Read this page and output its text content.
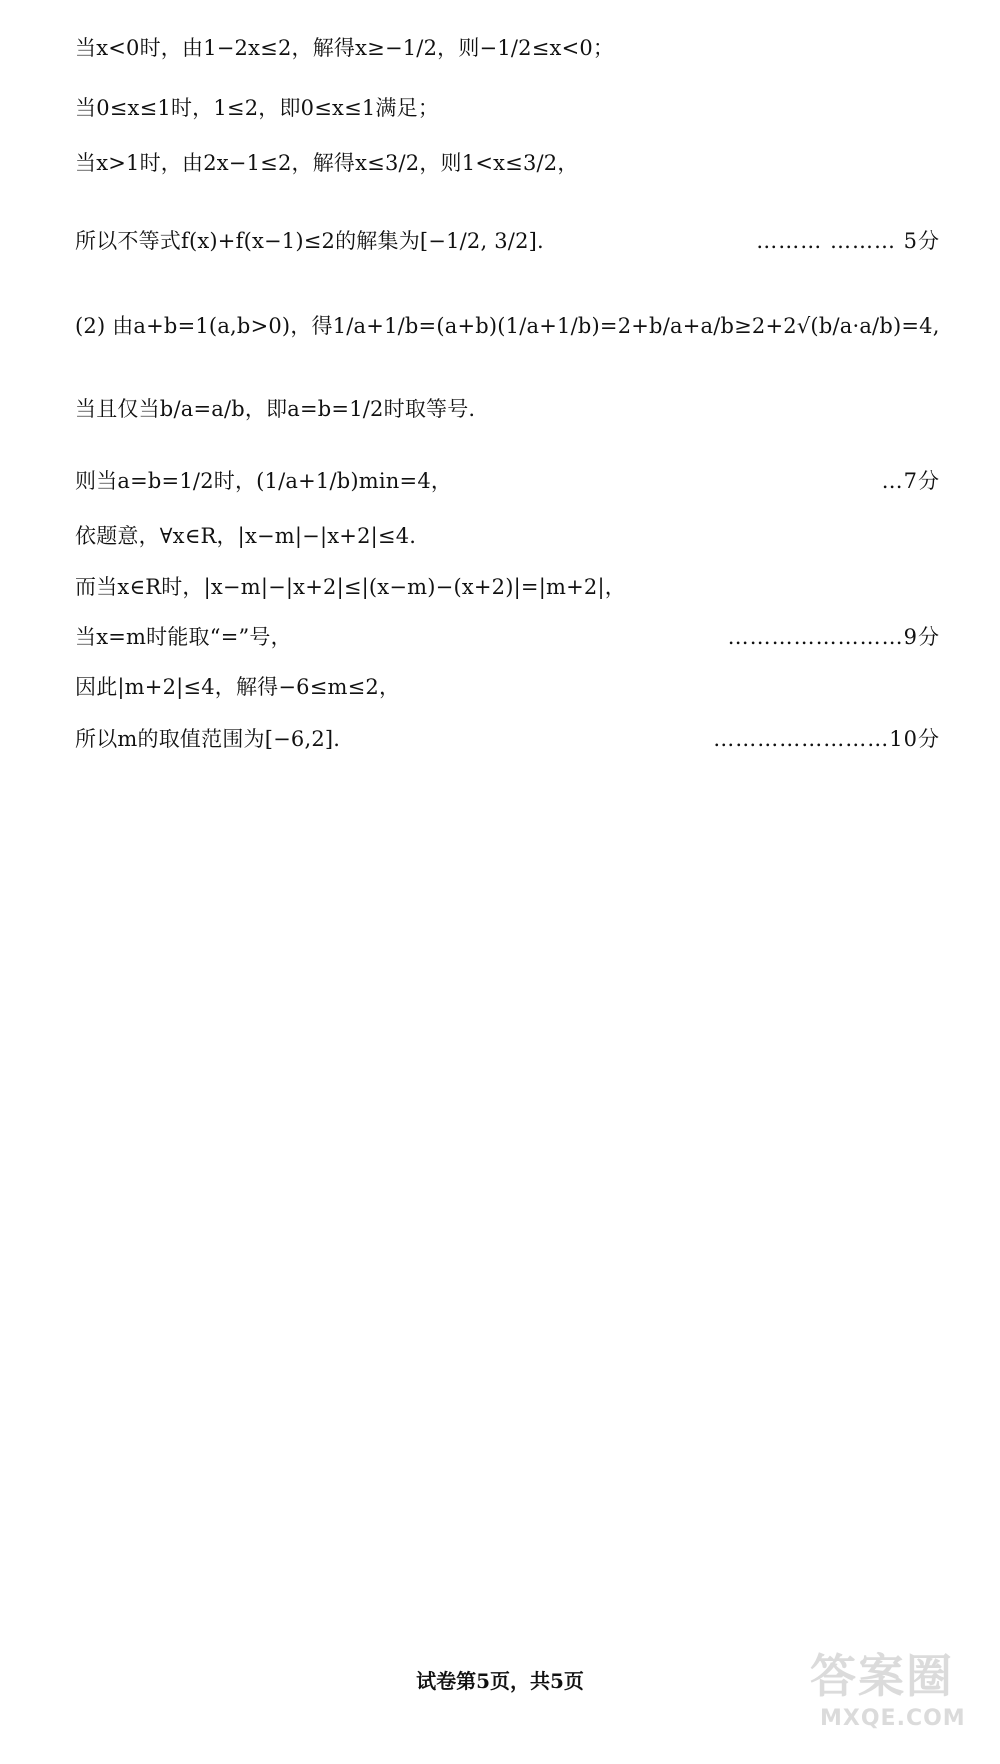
当x<0时，由1−2x≤2，解得x≥−1/2，则−1/2≤x<0；
当0≤x≤1时，1≤2，即0≤x≤1满足；
当x>1时，由2x−1≤2，解得x≤3/2，则1<x≤3/2，
所以不等式f(x)+f(x−1)≤2的解集为[−1/2, 3/2].	……… ……… 5分
(2) 由a+b=1(a,b>0)，得1/a+1/b=(a+b)(1/a+1/b)=2+b/a+a/b≥2+2√(b/a·a/b)=4,
当且仅当b/a=a/b，即a=b=1/2时取等号.
则当a=b=1/2时，(1/a+1/b)min=4，	…7分
依题意，∀x∈R，|x−m|−|x+2|≤4.
而当x∈R时，|x−m|−|x+2|≤|(x−m)−(x+2)|=|m+2|，
当x=m时能取“=”号，	……………………9分
因此|m+2|≤4，解得−6≤m≤2，
所以m的取值范围为[−6,2].	……………………10分
试卷第5页，共5页	答案圈
MXQE.COM
